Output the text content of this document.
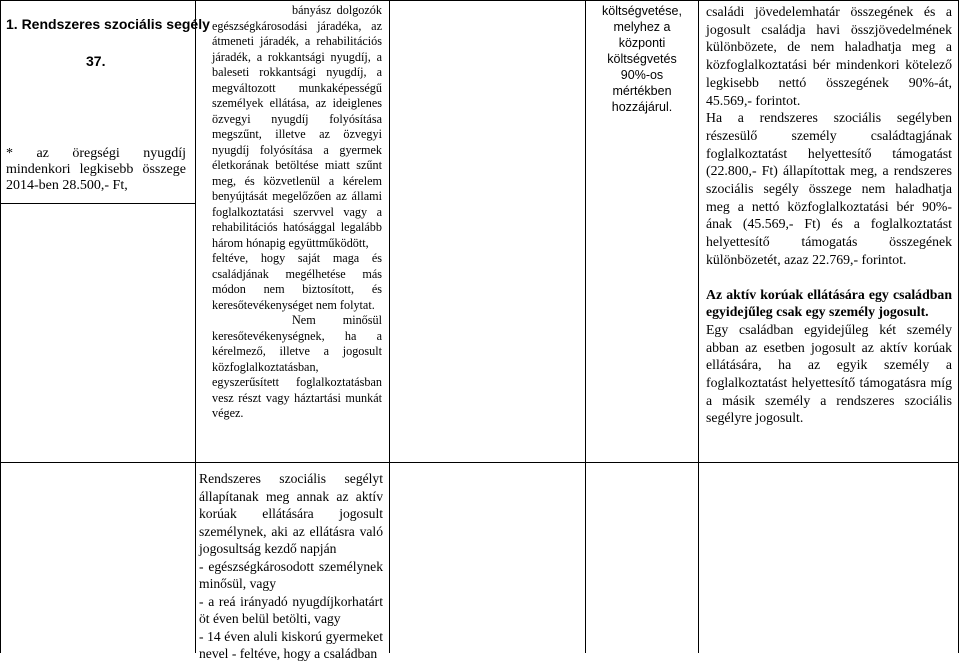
1. Rendszeres szociális segély
37.
* az öregségi nyugdíj mindenkori legkisebb összege 2014-ben 28.500,- Ft,

bányász dolgozók egészségkárosodási járadéka, az átmeneti járadék, a rehabilitációs járadék, a rokkantsági nyugdíj, a baleseti rokkantsági nyugdíj, a megváltozott munkaképességű személyek ellátása, az ideiglenes özvegyi nyugdíj folyósítása megszűnt, illetve az özvegyi nyugdíj folyósítása a gyermek életkorának betöltése miatt szűnt meg, és közvetlenül a kérelem benyújtását megelőzően az állami foglalkoztatási szervvel vagy a rehabilitációs hatósággal legalább három hónapig együttműködött,

feltéve, hogy saját maga és családjának megélhetése más módon nem biztosított, és keresőtevékenységet nem folytat.

Nem minősül keresőtevékenységnek, ha a kérelmező, illetve a jogosult közfoglalkoztatásban, egyszerűsített foglalkoztatásban vesz részt vagy háztartási munkát végez.

költségvetése, melyhez a központi költségvetés 90%-os mértékben hozzájárul.

családi jövedelemhatár összegének és a jogosult családja havi összjövedelmének különbözete, de nem haladhatja meg a közfoglalkoztatási bér mindenkori kötelező legkisebb nettó összegének 90%-át, 45.569,- forintot.

Ha a rendszeres szociális segélyben részesülő személy családtagjának foglalkoztatást helyettesítő támogatást (22.800,- Ft) állapítottak meg, a rendszeres szociális segély összege nem haladhatja meg a nettó közfoglalkoztatási bér 90%-ának (45.569,- Ft) és a foglalkoztatást helyettesítő támogatás összegének különbözetét, azaz 22.769,- forintot.

Az aktív korúak ellátására egy családban egyidejűleg csak egy személy jogosult.

Egy családban egyidejűleg két személy abban az esetben jogosult az aktív korúak ellátására, ha az egyik személy a foglalkoztatást helyettesítő támogatásra míg a másik személy a rendszeres szociális segélyre jogosult.

Rendszeres szociális segélyt állapítanak meg annak az aktív korúak ellátására jogosult személynek, aki az ellátásra való jogosultság kezdő napján

- egészségkárosodott személynek minősül, vagy

- a reá irányadó nyugdíjkorhatárt öt éven belül betölti, vagy

- 14 éven aluli kiskorú gyermeket nevel - feltéve, hogy a családban
